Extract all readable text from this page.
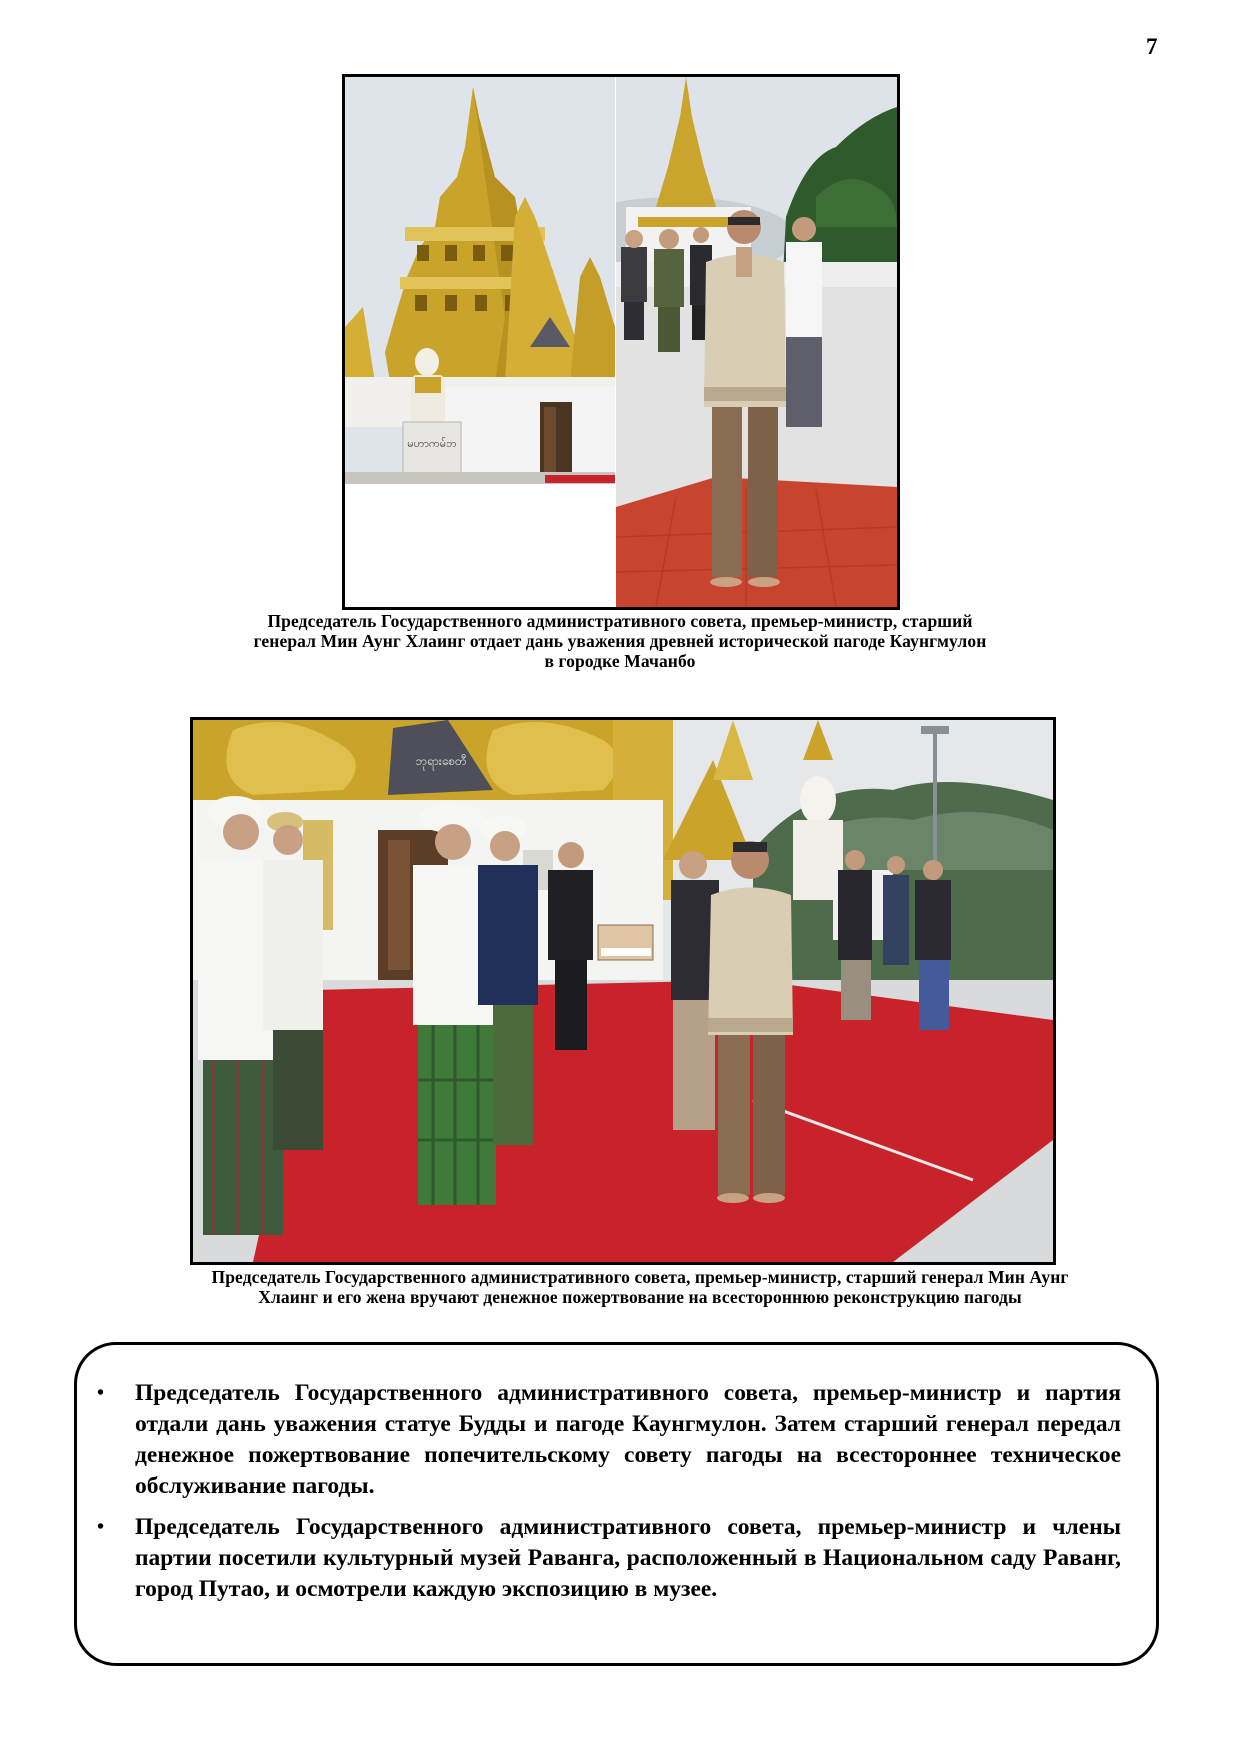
7
မဟာကမ်ဘ
Председатель Государственного административного совета, премьер-министр, старший
генерал Мин Аунг Хлаинг отдает дань уважения древней исторической пагоде Каунгмулон
в городке Мачанбо
ဘုရားစေတီ
Председатель Государственного административного совета, премьер-министр, старший генерал Мин Аунг
Хлаинг и его жена вручают денежное пожертвование на всестороннюю реконструкцию пагоды
• Председатель Государственного административного совета, премьер-министр и партия отдали дань уважения статуе Будды и пагоде Каунгмулон. Затем старший генерал передал денежное пожертвование попечительскому совету пагоды на всестороннее техническое обслуживание пагоды.
• Председатель Государственного административного совета, премьер-министр и члены партии посетили культурный музей Раванга, расположенный в Национальном саду Раванг, город Путао, и осмотрели каждую экспозицию в музее.
